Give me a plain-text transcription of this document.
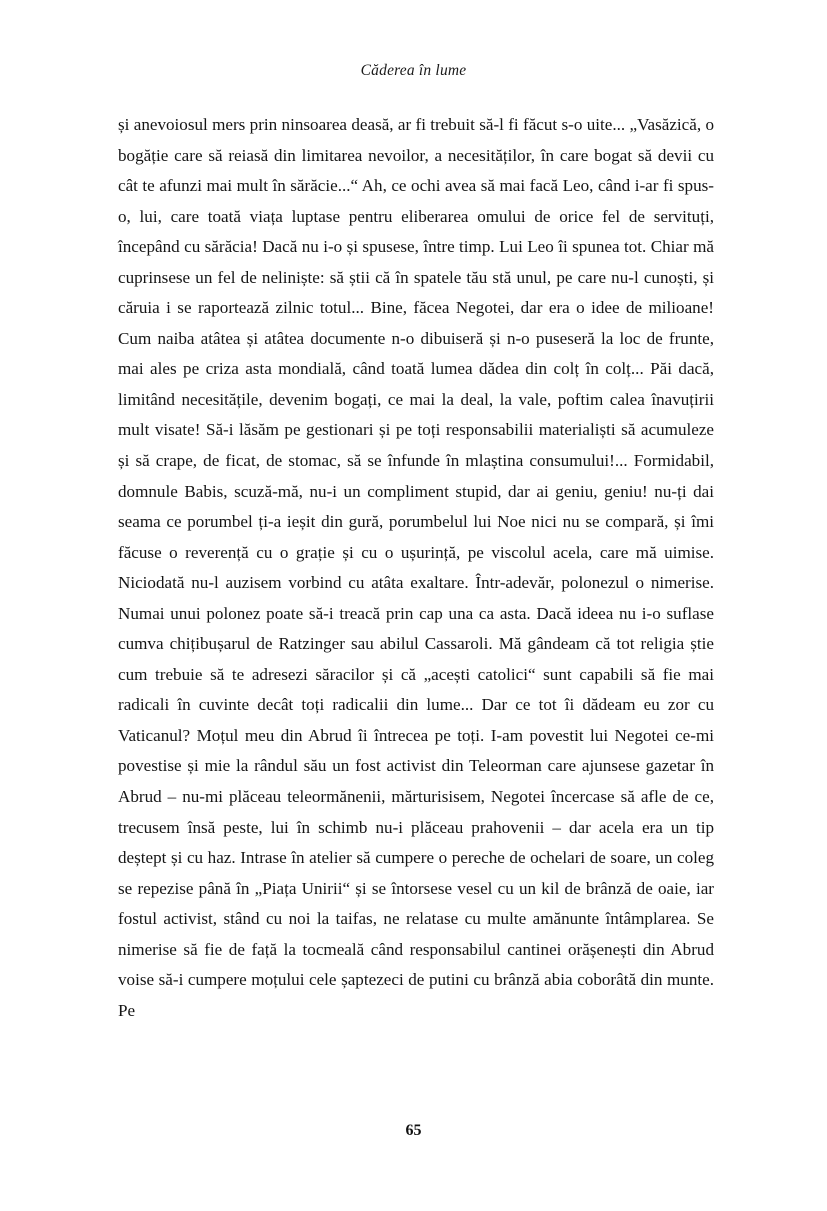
Căderea în lume

și anevoiosul mers prin ninsoarea deasă, ar fi trebuit să-l fi făcut s-o uite... „Vasăzică, o bogăție care să reiasă din limitarea nevoilor, a necesităților, în care bogat să devii cu cât te afunzi mai mult în sărăcie...“ Ah, ce ochi avea să mai facă Leo, când i-ar fi spus-o, lui, care toată viața luptase pentru eliberarea omului de orice fel de servituți, începând cu sărăcia! Dacă nu i-o și spusese, între timp. Lui Leo îi spunea tot. Chiar mă cuprinsese un fel de neliniște: să știi că în spatele tău stă unul, pe care nu-l cunoști, și căruia i se raportează zilnic totul... Bine, făcea Negotei, dar era o idee de milioane! Cum naiba atâtea și atâtea documente n-o dibuiseră și n-o puseseră la loc de frunte, mai ales pe criza asta mondială, când toată lumea dădea din colț în colț... Păi dacă, limitând necesitățile, devenim bogați, ce mai la deal, la vale, poftim calea înavuțirii mult visate! Să-i lăsăm pe gestionari și pe toți responsabilii materialiști să acumuleze și să crape, de ficat, de stomac, să se înfunde în mlaștina consumului!... Formidabil, domnule Babis, scuză-mă, nu-i un compliment stupid, dar ai geniu, geniu! nu-ți dai seama ce porumbel ți-a ieșit din gură, porumbelul lui Noe nici nu se compară, și îmi făcuse o reverență cu o grație și cu o ușurință, pe viscolul acela, care mă uimise. Niciodată nu-l auzisem vorbind cu atâta exaltare. Într-adevăr, polonezul o nimerise. Numai unui polonez poate să-i treacă prin cap una ca asta. Dacă ideea nu i-o suflase cumva chițibușarul de Ratzinger sau abilul Cassaroli. Mă gândeam că tot religia știe cum trebuie să te adresezi săracilor și că „acești catolici“ sunt capabili să fie mai radicali în cuvinte decât toți radicalii din lume... Dar ce tot îi dădeam eu zor cu Vaticanul? Moțul meu din Abrud îi întrecea pe toți. I-am povestit lui Negotei ce-mi povestise și mie la rândul său un fost activist din Teleorman care ajunsese gazetar în Abrud – nu-mi plăceau teleormănenii, mărturisisem, Negotei încercase să afle de ce, trecusem însă peste, lui în schimb nu-i plăceau prahovenii – dar acela era un tip deștept și cu haz. Intrase în atelier să cumpere o pereche de ochelari de soare, un coleg se repezise până în „Piața Unirii“ și se întorsese vesel cu un kil de brânză de oaie, iar fostul activist, stând cu noi la taifas, ne relatase cu multe amănunte întâmplarea. Se nimerise să fie de față la tocmeală când responsabilul cantinei orășenești din Abrud voise să-i cumpere moțului cele șaptezeci de putini cu brânză abia coborâtă din munte. Pe

65
